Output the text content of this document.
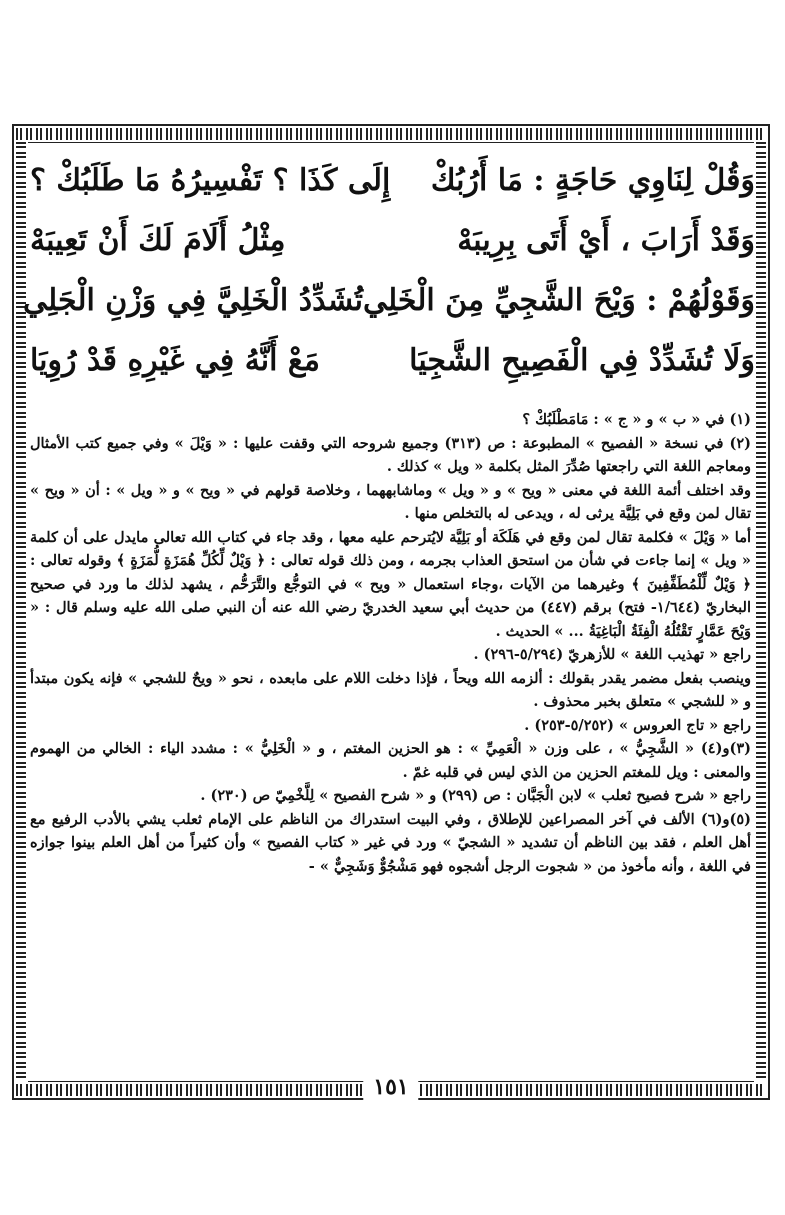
١٥١
وَقُلْ لِنَاوِي حَاجَةٍ : مَا أَرُبُكْ
إِلَى كَذَا ؟ تَفْسِيرُهُ مَا طَلَبُكْ ؟
وَقَدْ أَرَابَ ، أَيْ أَتَى بِرِيبَهْ
مِثْلُ أَلَامَ لَكَ أَنْ تَعِيبَهْ
وَقَوْلُهُمْ : وَيْحَ الشَّجِيِّ مِنَ الْخَلِي
تُشَدِّدُ الْخَلِيَّ فِي وَزْنِ الْجَلِي
وَلَا تُشَدِّدْ فِي الْفَصِيحِ الشَّجِيَا
مَعْ أَنَّهُ فِي غَيْرِهِ قَدْ رُوِيَا

(١) في « ب » و « ج » : مَامَطْلَبُكْ ؟

(٢) في نسخة « الفصيح » المطبوعة : ص (٣١٣) وجميع شروحه التي وقفت عليها : « وَيْلَ » وفي جميع كتب الأمثال ومعاجم اللغة التي راجعتها صُدِّرَ المثل بكلمة « ويل » كذلك .

وقد اختلف أئمة اللغة في معنى « ويح » و « ويل » وماشابههما ، وخلاصة قولهم في « ويح » و « ويل » : أن « ويح » تقال لمن وقع في بَلِيَّة يرثى له ، ويدعى له بالتخلص منها .

أما « وَيْلَ » فكلمة تقال لمن وقع في هَلَكَة أو بَلِيَّة لايُترحم عليه معها ، وقد جاء في كتاب الله تعالى مايدل على أن كلمة « ويل » إنما جاءت في شأن من استحق العذاب بجرمه ، ومن ذلك قوله تعالى : ﴿ وَيْلٌ لِّكُلِّ هُمَزَةٍ لُّمَزَةٍ ﴾ وقوله تعالى : ﴿ وَيْلٌ لِّلْمُطَفِّفِينَ ﴾ وغيرهما من الآيات ،وجاء استعمال « ويح » في التوجُّع والتَّرَحُّم ، يشهد لذلك ما ورد في صحيح البخاريّ (١/٦٤٤- فتح) برقم (٤٤٧) من حديث أبي سعيد الخدريّ رضي الله عنه أن النبي صلى الله عليه وسلم قال : « وَيْحَ عَمَّارٍ تَقْتُلُهُ الْفِئَةُ الْبَاغِيَةُ ... » الحديث .

راجع « تهذيب اللغة » للأزهريّ (٥/٢٩٤-٢٩٦) .

وينصب بفعل مضمر يقدر بقولك : ألزمه الله ويحاً ، فإذا دخلت اللام على مابعده ، نحو « ويحٌ للشجي » فإنه يكون مبتدأ و « للشجي » متعلق بخبر محذوف .

راجع « تاج العروس » (٥/٢٥٢-٢٥٣) .

(٣)و(٤) « الشَّجِيُّ » ، على وزن « الْعَمِيِّ » : هو الحزين المغتم ، و « الْخَلِيُّ » : مشدد الياء : الخالي من الهموم والمعنى : ويل للمغتم الحزين من الذي ليس في قلبه غمّ .

راجع « شرح فصيح ثعلب » لابن الْجَبَّان : ص (٢٩٩) و « شرح الفصيح » لِلَّخْمِيّ ص (٢٣٠) .

(٥)و(٦) الألف في آخر المصراعين للإطلاق ، وفي البيت استدراك من الناظم على الإمام ثعلب يشي بالأدب الرفيع مع أهل العلم ، فقد بين الناظم أن تشديد « الشجيّ » ورد في غير « كتاب الفصيح » وأن كثيراً من أهل العلم بينوا جوازه في اللغة ، وأنه مأخوذ من « شجوت الرجل أشجوه فهو مَشْجُوٌّ وَشَجِيٌّ » -
